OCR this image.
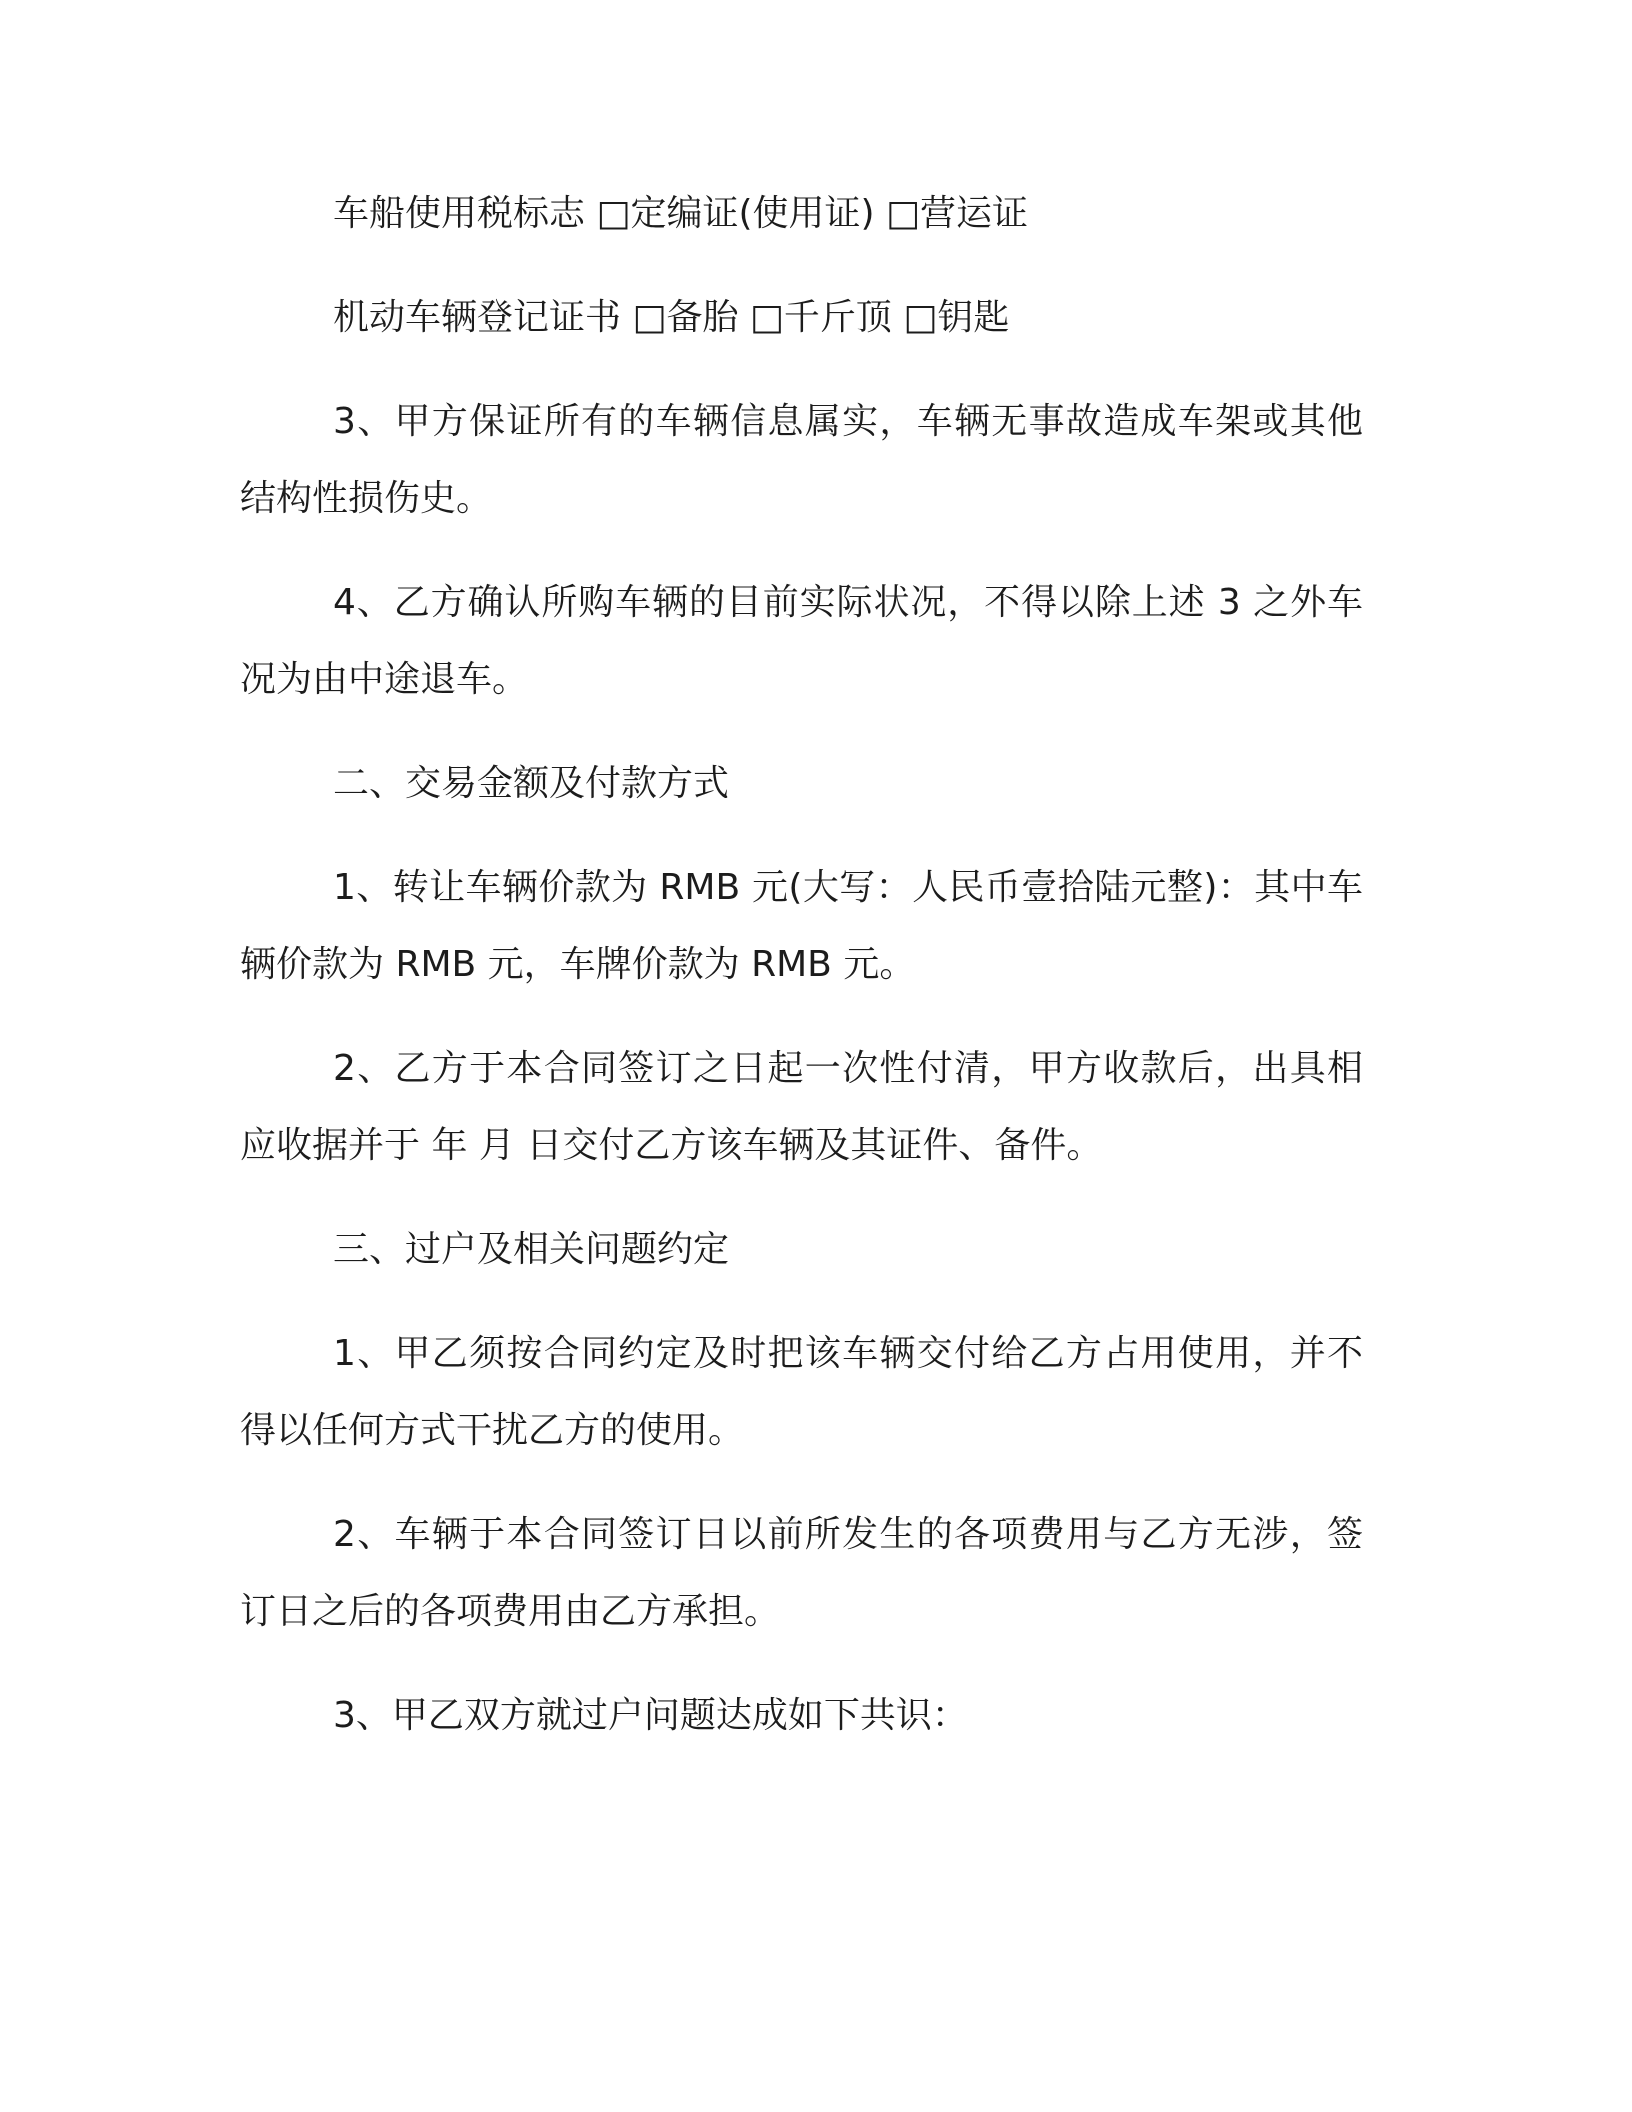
车船使用税标志 □定编证(使用证) □营运证

机动车辆登记证书 □备胎 □千斤顶 □钥匙

3、甲方保证所有的车辆信息属实，车辆无事故造成车架或其他
结构性损伤史。

4、乙方确认所购车辆的目前实际状况，不得以除上述 3 之外车
况为由中途退车。

二、交易金额及付款方式

1、转让车辆价款为 RMB 元(大写：人民币壹拾陆元整)：其中车
辆价款为 RMB 元，车牌价款为 RMB 元。

2、乙方于本合同签订之日起一次性付清，甲方收款后，出具相
应收据并于 年 月 日交付乙方该车辆及其证件、备件。

三、过户及相关问题约定

1、甲乙须按合同约定及时把该车辆交付给乙方占用使用，并不
得以任何方式干扰乙方的使用。

2、车辆于本合同签订日以前所发生的各项费用与乙方无涉，签
订日之后的各项费用由乙方承担。

3、甲乙双方就过户问题达成如下共识：
